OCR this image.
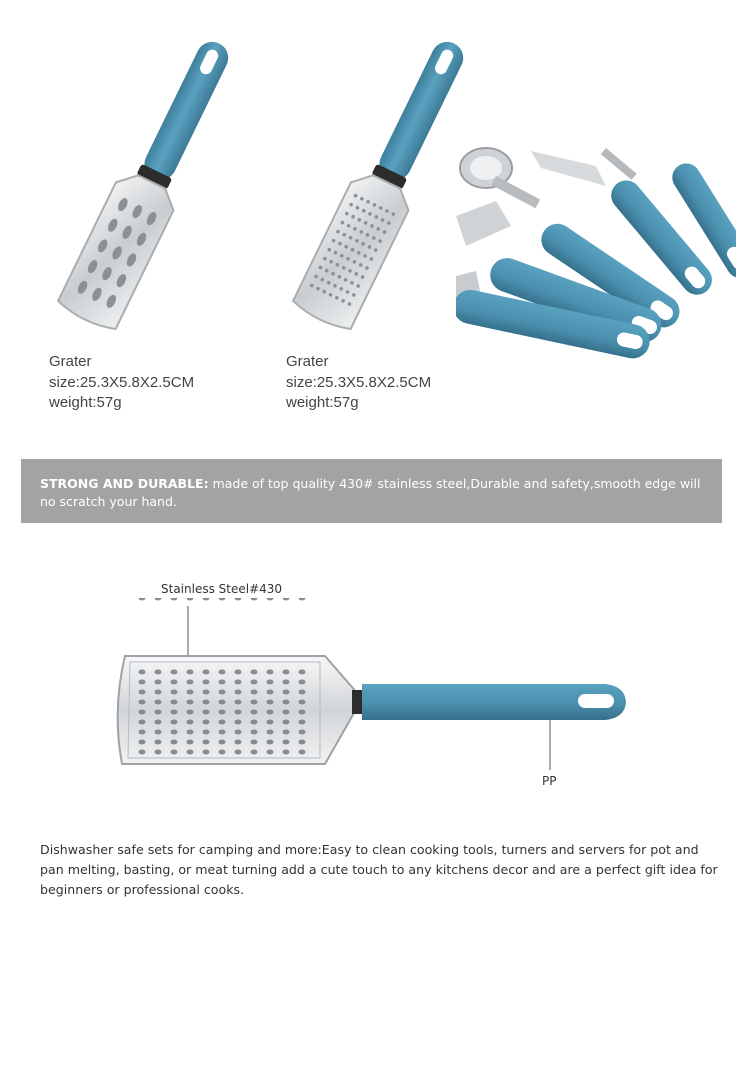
Grater
size:25.3X5.8X2.5CM
weight:57g
Grater
size:25.3X5.8X2.5CM
weight:57g
STRONG AND DURABLE: made of top quality 430# stainless steel,Durable and safety,smooth edge will no scratch your hand.
Stainless Steel#430
PP
Dishwasher safe sets for camping and more:Easy to clean cooking tools, turners and servers for pot and pan melting, basting, or meat turning add a cute touch to any kitchens decor and are a perfect gift idea for beginners or professional cooks.
